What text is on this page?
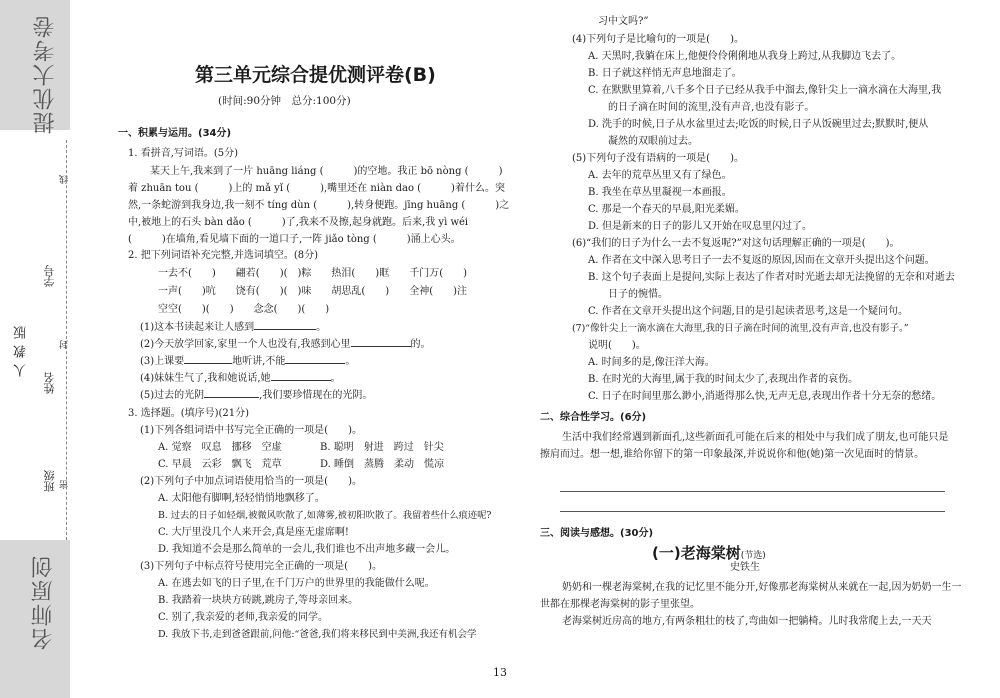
提优大考卷
名师原创
人教版
班级
姓名
学号
密
封
线
第三单元综合提优测评卷(B)
(时间:90分钟　总分:100分)
一、积累与运用。(34分)
1. 看拼音,写词语。(5分)
某天上午,我来到了一片 huāng liáng (　　　)的空地。我正 bō nòng (　　　)
着 zhuān tou (　　　)上的 mǎ yǐ (　　　),嘴里还在 niàn dao (　　　)着什么。突
然,一条蛇游到我身边,我一刻不 tíng dùn (　　　),转身便跑。jīng huāng (　　　)之
中,被地上的石头 bàn dǎo (　　　)了,我来不及擦,起身就跑。后来,我 yì wéi
(　　　)在墙角,看见墙下面的一道口子,一阵 jiǎo tòng (　　　)涌上心头。
2. 把下列词语补充完整,并选词填空。(8分)
一去不(　　)　　翩若(　　)(　)粽　　热泪(　　)眶　　千门万(　　)
一声(　　)吭　　饶有(　　)(　)味　　胡思乱(　　)　　全神(　　)注
空空(　　)(　　)　　念念(　　)(　　)
(1)这本书读起来让人感到	。
(2)今天放学回家,家里一个人也没有,我感到心里	的。
(3)上课要	地听讲,不能	。
(4)妹妹生气了,我和她说话,她	。
(5)过去的光阴	,我们要珍惜现在的光阴。
3. 选择题。(填序号)(21分)
(1)下列各组词语中书写完全正确的一项是(　　)。
A. 觉察　叹息　挪移　空虚	B. 聪明　射进　跨过　针尖
C. 早晨　云彩　飘飞　荒草	D. 睡倒　蒸腾　柔动　慌凉
(2)下列句子中加点词语使用恰当的一项是(　　)。
A. 太阳他有脚啊,轻轻悄悄地飘移了。
B. 过去的日子如轻烟,被微风吹散了,如薄雾,被初阳吹散了。我留着些什么痕迹呢?
C. 大厅里没几个人来开会,真是座无虚席啊!
D. 我知道不会是那么简单的一会儿,我们谁也不出声地多藏一会儿。
(3)下列句子中标点符号使用完全正确的一项是(　　)。
A. 在逃去如飞的日子里,在千门万户的世界里的我能做什么呢。
B. 我踏着一块块方砖跳,跳房子,等母亲回来。
C. 别了,我亲爱的老师,我亲爱的同学。
D. 我放下书,走到爸爸跟前,问他:“爸爸,我们将来移民到中美洲,我还有机会学
习中文吗?”
(4)下列句子是比喻句的一项是(　　)。
A. 天黑时,我躺在床上,他便伶伶俐俐地从我身上跨过,从我脚边飞去了。
B. 日子就这样悄无声息地溜走了。
C. 在默默里算着,八千多个日子已经从我手中溜去,像针尖上一滴水滴在大海里,我
　　的日子滴在时间的流里,没有声音,也没有影子。
D. 洗手的时候,日子从水盆里过去;吃饭的时候,日子从饭碗里过去;默默时,便从
　　凝然的双眼前过去。
(5)下列句子没有语病的一项是(　　)。
A. 去年的荒草丛里又有了绿色。
B. 我坐在草丛里凝视一本画报。
C. 那是一个春天的早晨,阳光柔媚。
D. 但是新来的日子的影儿又开始在叹息里闪过了。
(6)“我们的日子为什么一去不复返呢?”对这句话理解正确的一项是(　　)。
A. 作者在文中深入思考日子一去不复返的原因,因而在文章开头提出这个问题。
B. 这个句子表面上是提问,实际上表达了作者对时光逝去却无法挽留的无奈和对逝去
　　日子的惋惜。
C. 作者在文章开头提出这个问题,目的是引起读者思考,这是一个疑问句。
(7)“像针尖上一滴水滴在大海里,我的日子滴在时间的流里,没有声音,也没有影子。”
说明(　　)。
A. 时间多的是,像汪洋大海。
B. 在时光的大海里,属于我的时间太少了,表现出作者的哀伤。
C. 日子在时间里那么渺小,消逝得那么快,无声无息,表现出作者十分无奈的愁绪。
二、综合性学习。(6分)
生活中我们经常遇到新面孔,这些新面孔可能在后来的相处中与我们成了朋友,也可能只是
擦肩而过。想一想,谁给你留下的第一印象最深,并说说你和他(她)第一次见面时的情景。
三、阅读与感想。(30分)
(一)老海棠树(节选)
史铁生
奶奶和一棵老海棠树,在我的记忆里不能分开,好像那老海棠树从来就在一起,因为奶奶一生一
世都在那棵老海棠树的影子里张望。
老海棠树近房高的地方,有两条粗壮的枝了,弯曲如一把躺椅。儿时我常爬上去,一天天
13
